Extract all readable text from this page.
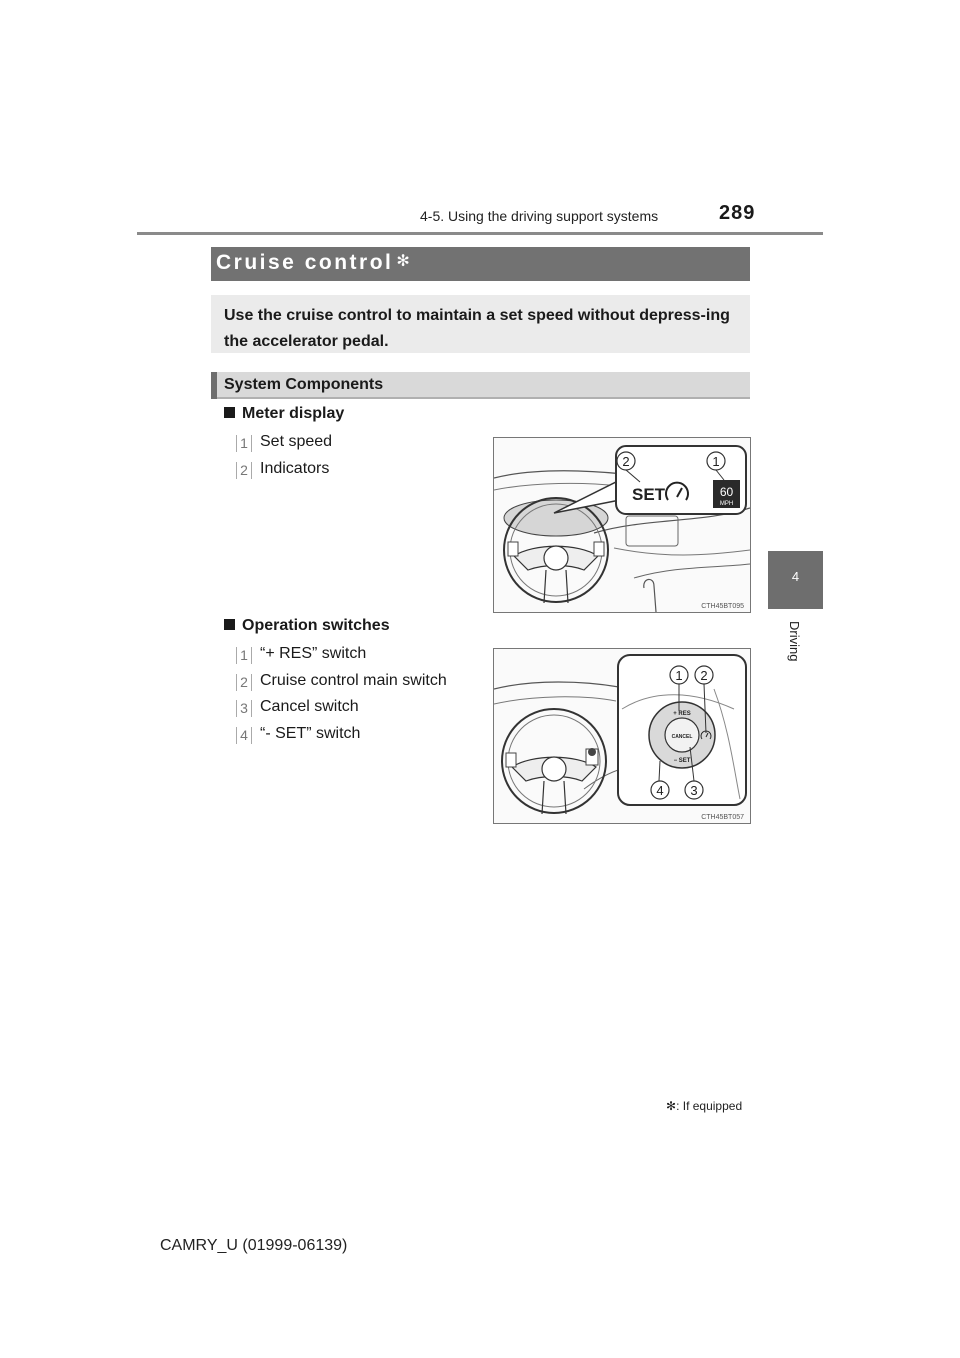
4-5. Using the driving support systems	289
4
Driving
Cruise control ✻
Use the cruise control to maintain a set speed without depress-ing the accelerator pedal.
System Components
Meter display
1 Set speed
2 Indicators
SET	60
MPH
2	1
CTH45BT095
Operation switches
1 “+ RES” switch
2 Cruise control main switch
3 Cancel switch
4 “- SET” switch
+ RES
CANCEL
− SET
1 2
4 3
CTH45BT057
✻: If equipped
CAMRY_U (01999-06139)
